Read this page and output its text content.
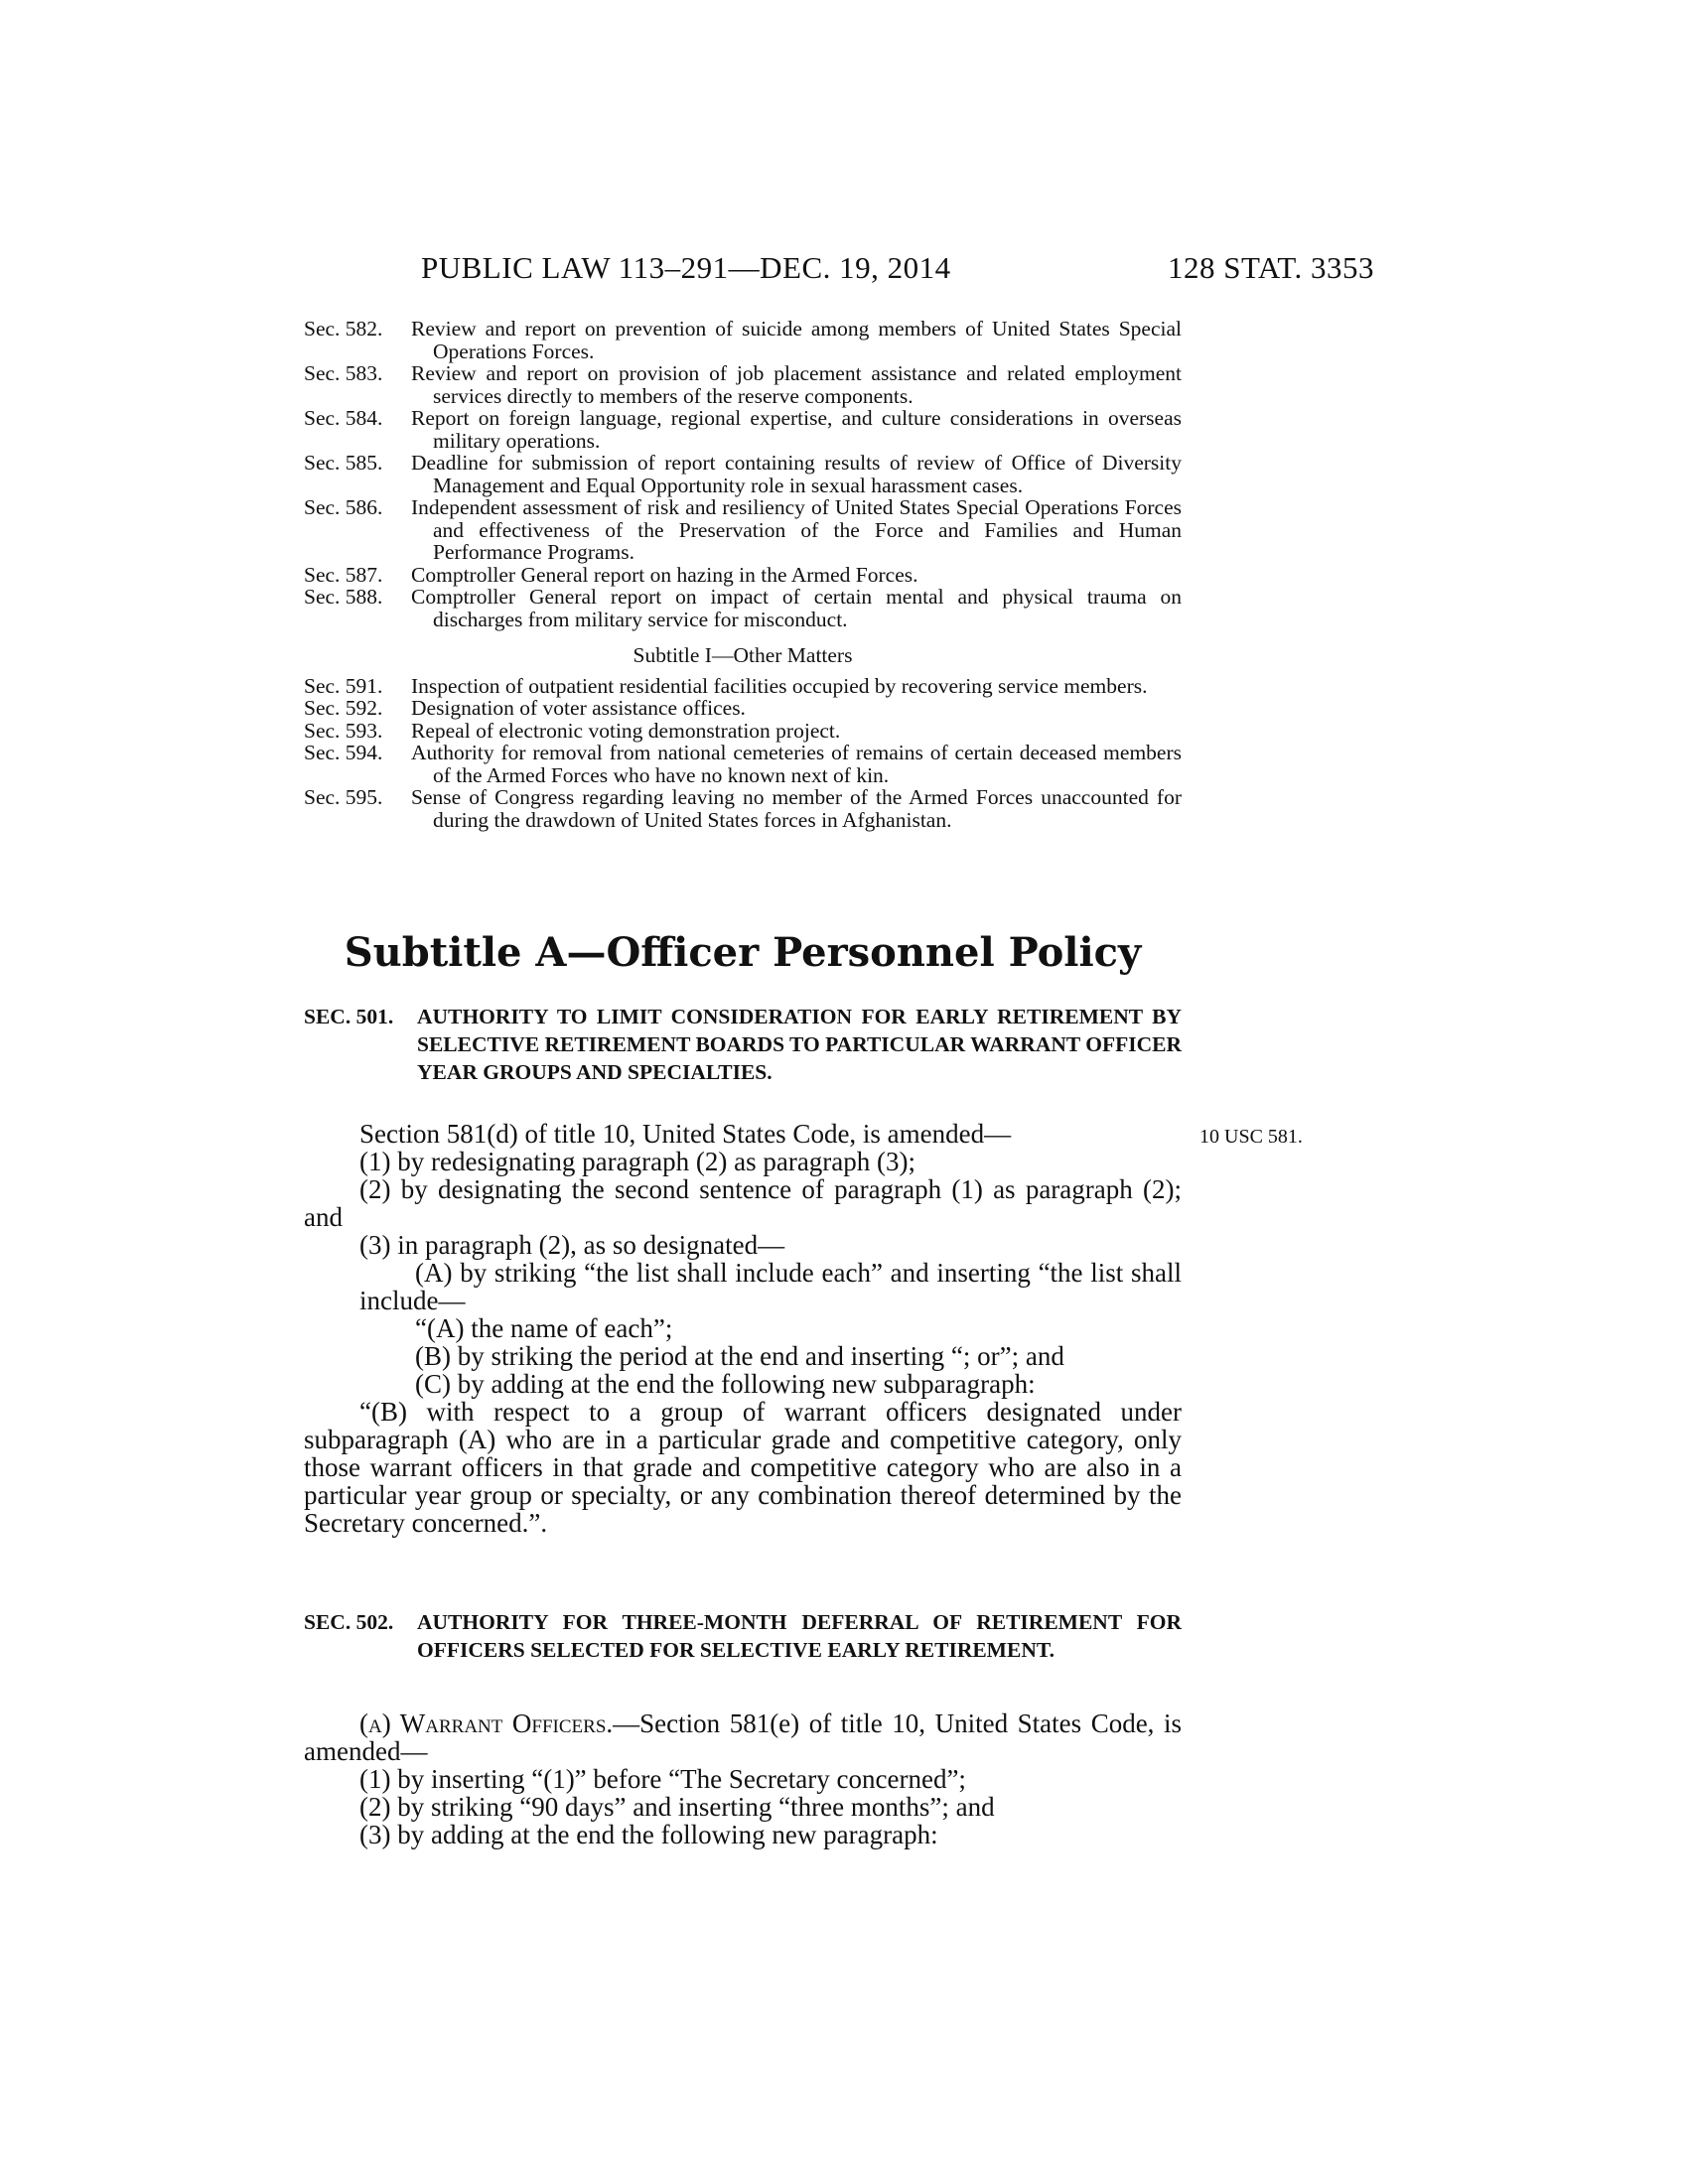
PUBLIC LAW 113–291—DEC. 19, 2014	128 STAT. 3353
Sec. 582.	Review and report on prevention of suicide among members of United States Special Operations Forces.
Sec. 583.	Review and report on provision of job placement assistance and related employment services directly to members of the reserve components.
Sec. 584.	Report on foreign language, regional expertise, and culture considerations in overseas military operations.
Sec. 585.	Deadline for submission of report containing results of review of Office of Diversity Management and Equal Opportunity role in sexual harassment cases.
Sec. 586.	Independent assessment of risk and resiliency of United States Special Operations Forces and effectiveness of the Preservation of the Force and Families and Human Performance Programs.
Sec. 587.	Comptroller General report on hazing in the Armed Forces.
Sec. 588.	Comptroller General report on impact of certain mental and physical trauma on discharges from military service for misconduct.
Subtitle I—Other Matters
Sec. 591.	Inspection of outpatient residential facilities occupied by recovering service members.
Sec. 592.	Designation of voter assistance offices.
Sec. 593.	Repeal of electronic voting demonstration project.
Sec. 594.	Authority for removal from national cemeteries of remains of certain deceased members of the Armed Forces who have no known next of kin.
Sec. 595.	Sense of Congress regarding leaving no member of the Armed Forces unaccounted for during the drawdown of United States forces in Afghanistan.
Subtitle A—Officer Personnel Policy
SEC. 501.	AUTHORITY TO LIMIT CONSIDERATION FOR EARLY RETIREMENT BY SELECTIVE RETIREMENT BOARDS TO PARTICULAR WARRANT OFFICER YEAR GROUPS AND SPECIALTIES.
10 USC 581.

Section 581(d) of title 10, United States Code, is amended—

(1) by redesignating paragraph (2) as paragraph (3);

(2) by designating the second sentence of paragraph (1) as paragraph (2); and

(3) in paragraph (2), as so designated—

(A) by striking “the list shall include each” and inserting “the list shall include—

“(A) the name of each”;

(B) by striking the period at the end and inserting “; or”; and

(C) by adding at the end the following new subparagraph:

“(B) with respect to a group of warrant officers designated under subparagraph (A) who are in a particular grade and competitive category, only those warrant officers in that grade and competitive category who are also in a particular year group or specialty, or any combination thereof determined by the Secretary concerned.”.

SEC. 502.	AUTHORITY FOR THREE-MONTH DEFERRAL OF RETIREMENT FOR OFFICERS SELECTED FOR SELECTIVE EARLY RETIREMENT.

(a) Warrant Officers.—Section 581(e) of title 10, United States Code, is amended—

(1) by inserting “(1)” before “The Secretary concerned”;

(2) by striking “90 days” and inserting “three months”; and

(3) by adding at the end the following new paragraph:
